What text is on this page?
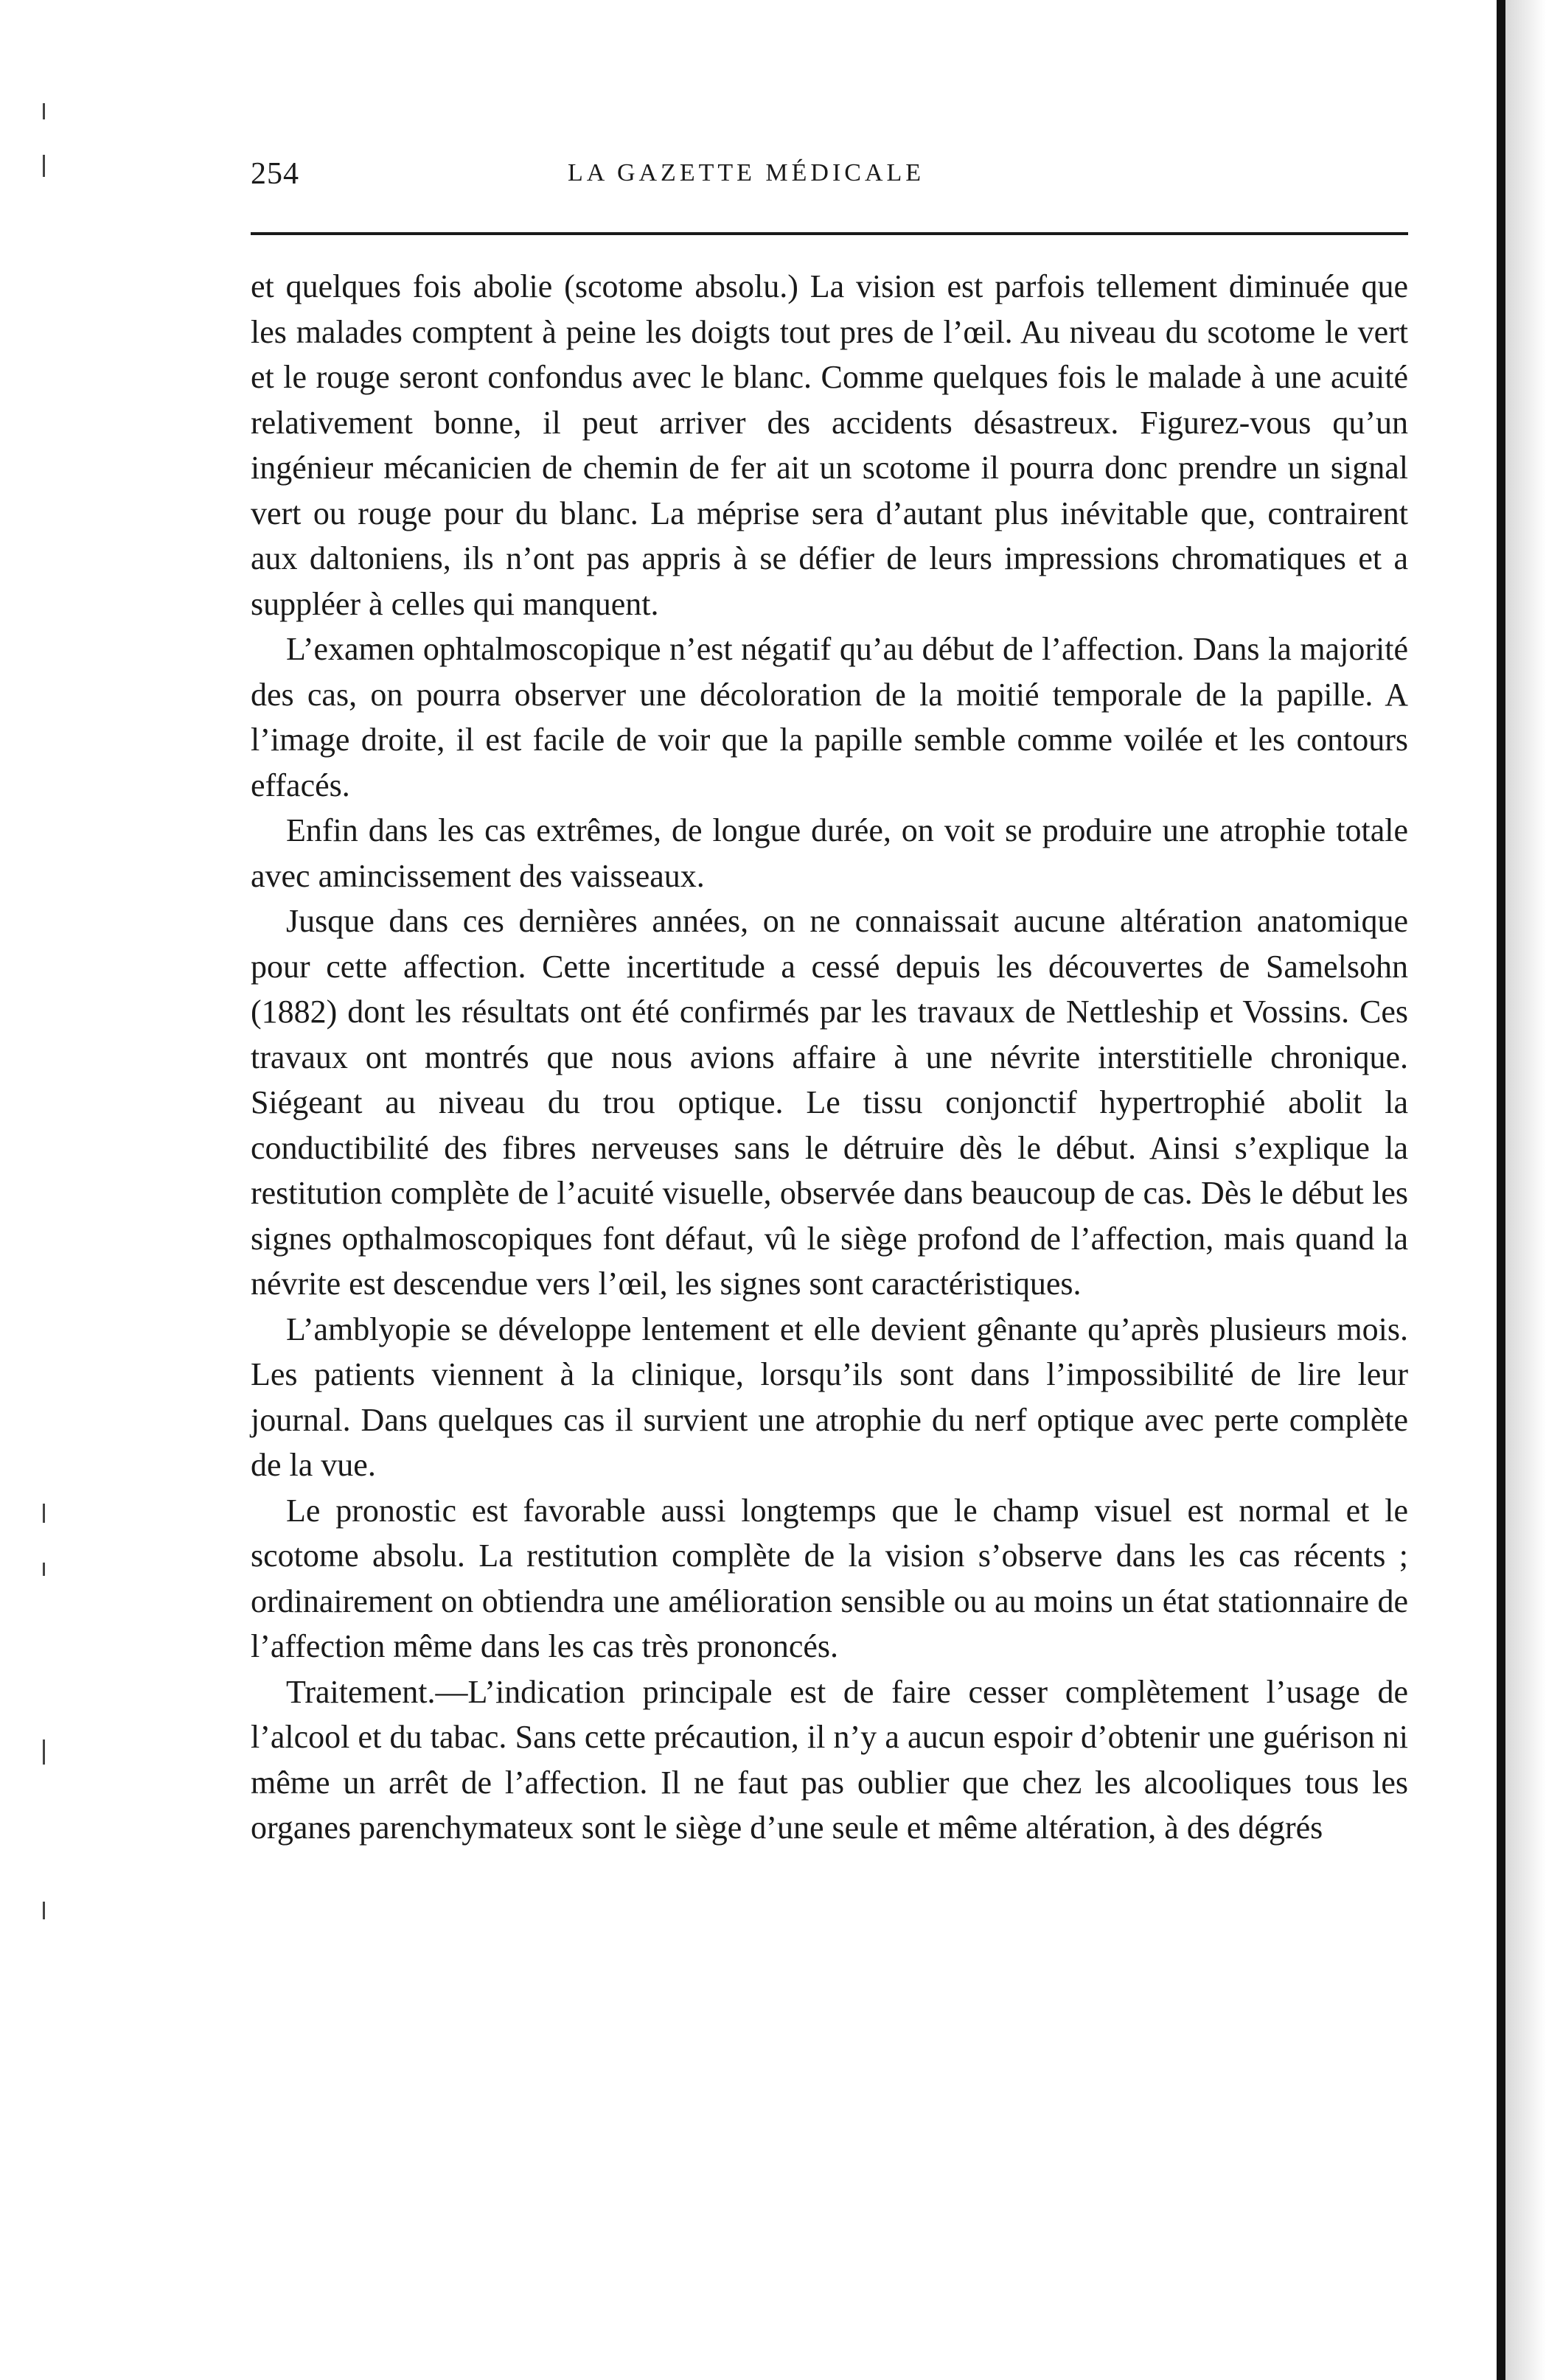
254	LA GAZETTE MÉDICALE

et quelques fois abolie (scotome absolu.) La vision est parfois tellement diminuée que les malades comptent à peine les doigts tout pres de l’œil. Au niveau du scotome le vert et le rouge seront confondus avec le blanc. Comme quelques fois le malade à une acuité relativement bonne, il peut arriver des accidents désastreux. Figurez-vous qu’un ingénieur mécanicien de chemin de fer ait un scotome il pourra donc prendre un signal vert ou rouge pour du blanc. La méprise sera d’autant plus inévitable que, contrairent aux daltoniens, ils n’ont pas appris à se défier de leurs impressions chromatiques et a suppléer à celles qui manquent.

L’examen ophtalmoscopique n’est négatif qu’au début de l’affection. Dans la majorité des cas, on pourra observer une décoloration de la moitié temporale de la papille. A l’image droite, il est facile de voir que la papille semble comme voilée et les contours effacés.

Enfin dans les cas extrêmes, de longue durée, on voit se produire une atrophie totale avec amincissement des vaisseaux.

Jusque dans ces dernières années, on ne connaissait aucune altération anatomique pour cette affection. Cette incertitude a cessé depuis les découvertes de Samelsohn (1882) dont les résultats ont été confirmés par les travaux de Nettleship et Vossins. Ces travaux ont montrés que nous avions affaire à une névrite interstitielle chronique. Siégeant au niveau du trou optique. Le tissu conjonctif hypertrophié abolit la conductibilité des fibres nerveuses sans le détruire dès le début. Ainsi s’explique la restitution complète de l’acuité visuelle, observée dans beaucoup de cas. Dès le début les signes opthalmoscopiques font défaut, vû le siège profond de l’affection, mais quand la névrite est descendue vers l’œil, les signes sont caractéristiques.

L’amblyopie se développe lentement et elle devient gênante qu’après plusieurs mois. Les patients viennent à la clinique, lorsqu’ils sont dans l’impossibilité de lire leur journal. Dans quelques cas il survient une atrophie du nerf optique avec perte complète de la vue.

Le pronostic est favorable aussi longtemps que le champ visuel est normal et le scotome absolu. La restitution complète de la vision s’observe dans les cas récents ; ordinairement on obtiendra une amélioration sensible ou au moins un état stationnaire de l’affection même dans les cas très prononcés.

Traitement.—L’indication principale est de faire cesser complètement l’usage de l’alcool et du tabac. Sans cette précaution, il n’y a aucun espoir d’obtenir une guérison ni même un arrêt de l’affection. Il ne faut pas oublier que chez les alcooliques tous les organes parenchymateux sont le siège d’une seule et même altération, à des dégrés
